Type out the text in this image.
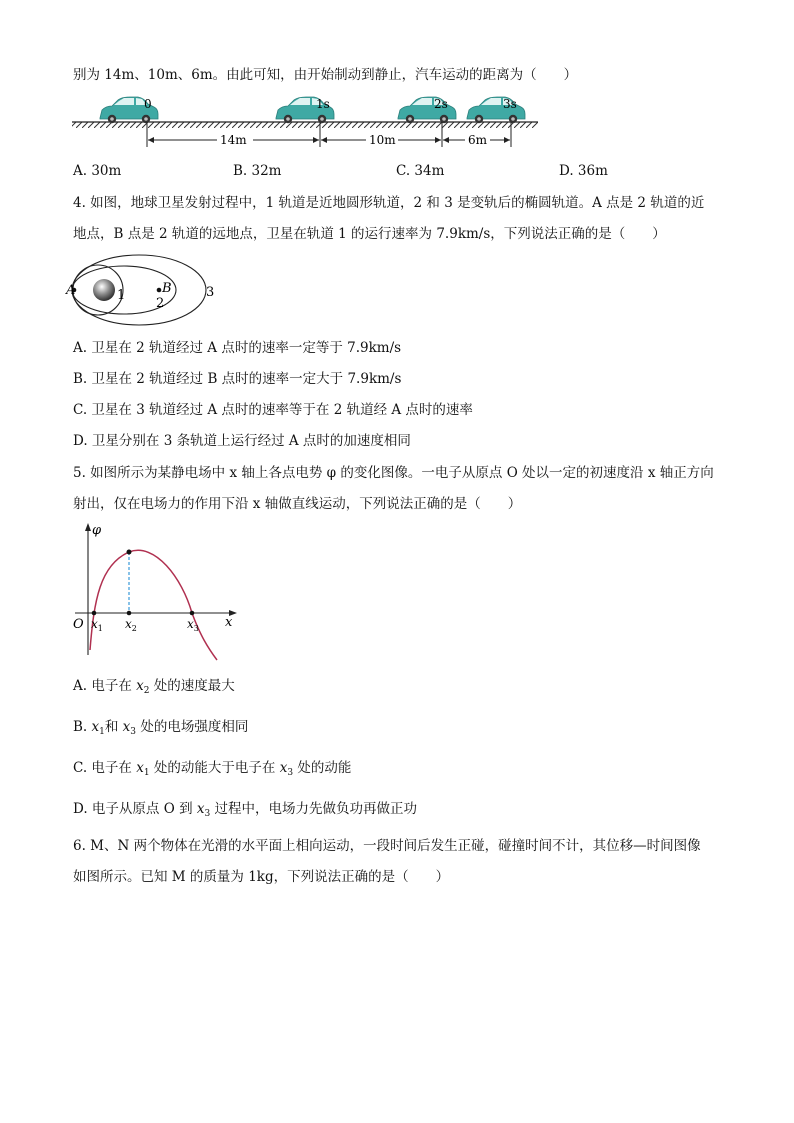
别为 14m、10m、6m。由此可知，由开始制动到静止，汽车运动的距离为（　　）
0	1s	2s	3s
14m	10m	6m
A. 30m	B. 32m	C. 34m	D. 36m
4. 如图，地球卫星发射过程中，1 轨道是近地圆形轨道，2 和 3 是变轨后的椭圆轨道。A 点是 2 轨道的近
地点，B 点是 2 轨道的远地点，卫星在轨道 1 的运行速率为 7.9km/s，下列说法正确的是（　　）
A	B
1
2
3
A. 卫星在 2 轨道经过 A 点时的速率一定等于 7.9km/s
B. 卫星在 2 轨道经过 B 点时的速率一定大于 7.9km/s
C. 卫星在 3 轨道经过 A 点时的速率等于在 2 轨道经 A 点时的速率
D. 卫星分别在 3 条轨道上运行经过 A 点时的加速度相同
5. 如图所示为某静电场中 x 轴上各点电势 φ 的变化图像。一电子从原点 O 处以一定的初速度沿 x 轴正方向
射出，仅在电场力的作用下沿 x 轴做直线运动，下列说法正确的是（　　）
φ
x
O $x_1$ $x_2$	$x_3$
A. 电子在 $x_2$ 处的速度最大
B. $x_1$和 $x_3$ 处的电场强度相同
C. 电子在 $x_1$ 处的动能大于电子在 $x_3$ 处的动能
D. 电子从原点 O 到 $x_3$ 过程中，电场力先做负功再做正功
6. M、N 两个物体在光滑的水平面上相向运动，一段时间后发生正碰，碰撞时间不计，其位移—时间图像
如图所示。已知 M 的质量为 1kg，下列说法正确的是（　　）
